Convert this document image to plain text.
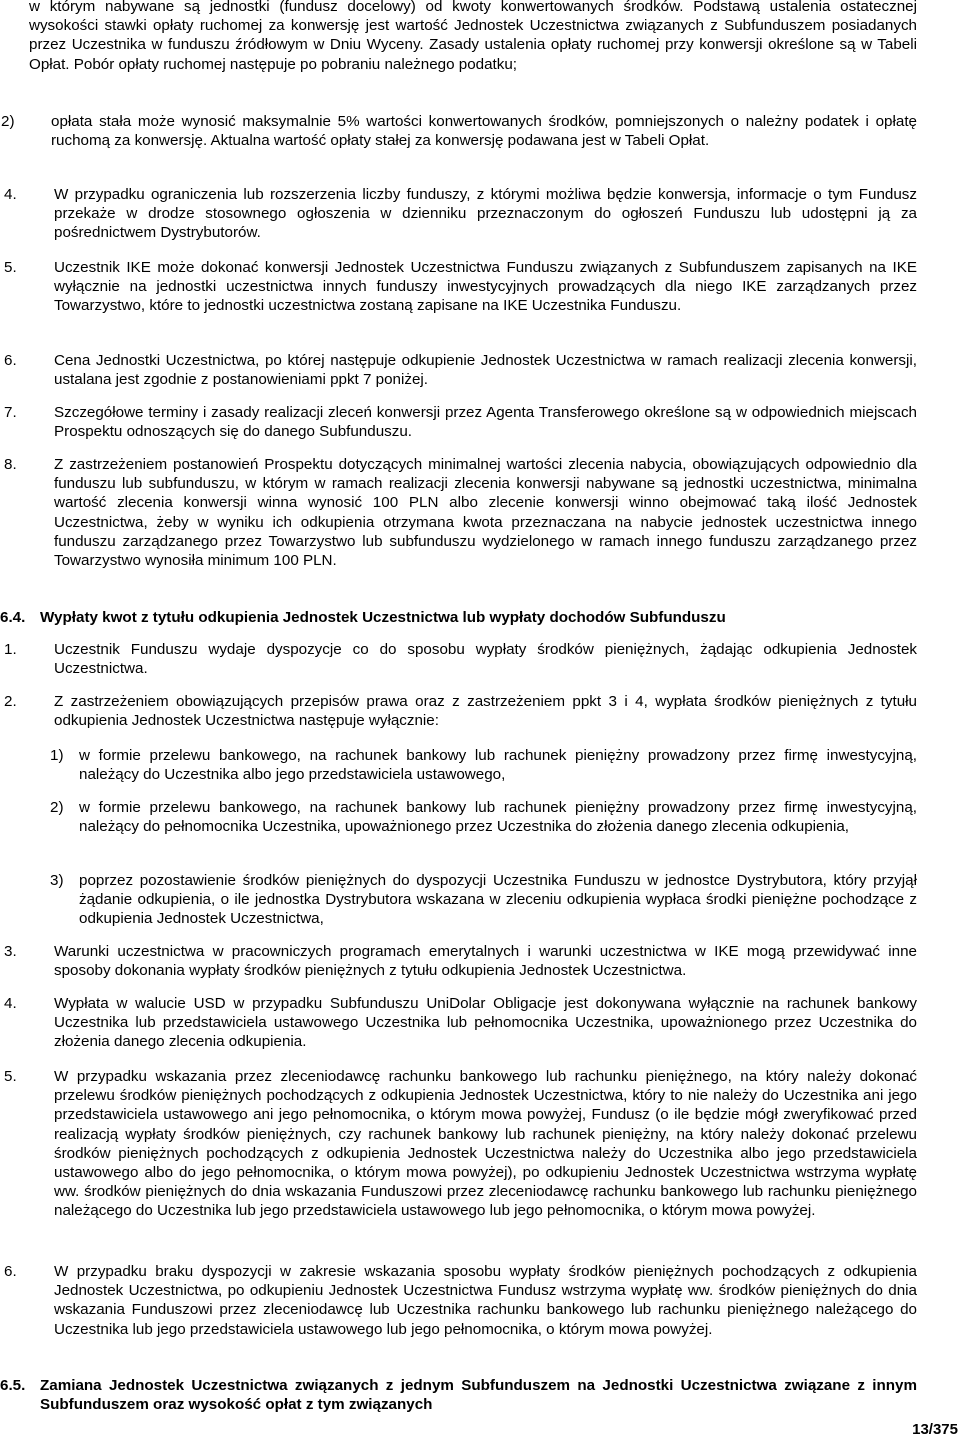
w którym nabywane są jednostki (fundusz docelowy) od kwoty konwertowanych środków. Podstawą ustalenia ostatecznej wysokości stawki opłaty ruchomej za konwersję jest wartość Jednostek Uczestnictwa związanych z Subfunduszem posiadanych przez Uczestnika w funduszu źródłowym w Dniu Wyceny. Zasady ustalenia opłaty ruchomej przy konwersji określone są w Tabeli Opłat. Pobór opłaty ruchomej następuje po pobraniu należnego podatku;

2) opłata stała może wynosić maksymalnie 5% wartości konwertowanych środków, pomniejszonych o należny podatek i opłatę ruchomą za konwersję. Aktualna wartość opłaty stałej za konwersję podawana jest w Tabeli Opłat.
4. W przypadku ograniczenia lub rozszerzenia liczby funduszy, z którymi możliwa będzie konwersja, informacje o tym Fundusz przekaże w drodze stosownego ogłoszenia w dzienniku przeznaczonym do ogłoszeń Funduszu lub udostępni ją za pośrednictwem Dystrybutorów.
5. Uczestnik IKE może dokonać konwersji Jednostek Uczestnictwa Funduszu związanych z Subfunduszem zapisanych na IKE wyłącznie na jednostki uczestnictwa innych funduszy inwestycyjnych prowadzących dla niego IKE zarządzanych przez Towarzystwo, które to jednostki uczestnictwa zostaną zapisane na IKE Uczestnika Funduszu.
6. Cena Jednostki Uczestnictwa, po której następuje odkupienie Jednostek Uczestnictwa w ramach realizacji zlecenia konwersji, ustalana jest zgodnie z postanowieniami ppkt 7 poniżej.
7. Szczegółowe terminy i zasady realizacji zleceń konwersji przez Agenta Transferowego określone są w odpowiednich miejscach Prospektu odnoszących się do danego Subfunduszu.
8. Z zastrzeżeniem postanowień Prospektu dotyczących minimalnej wartości zlecenia nabycia, obowiązujących odpowiednio dla funduszu lub subfunduszu, w którym w ramach realizacji zlecenia konwersji nabywane są jednostki uczestnictwa, minimalna wartość zlecenia konwersji winna wynosić 100 PLN albo zlecenie konwersji winno obejmować taką ilość Jednostek Uczestnictwa, żeby w wyniku ich odkupienia otrzymana kwota przeznaczana na nabycie jednostek uczestnictwa innego funduszu zarządzanego przez Towarzystwo lub subfunduszu wydzielonego w ramach innego funduszu zarządzanego przez Towarzystwo wynosiła minimum 100 PLN.
6.4. Wypłaty kwot z tytułu odkupienia Jednostek Uczestnictwa lub wypłaty dochodów Subfunduszu
1. Uczestnik Funduszu wydaje dyspozycje co do sposobu wypłaty środków pieniężnych, żądając odkupienia Jednostek Uczestnictwa.
2. Z zastrzeżeniem obowiązujących przepisów prawa oraz z zastrzeżeniem ppkt 3 i 4, wypłata środków pieniężnych z tytułu odkupienia Jednostek Uczestnictwa następuje wyłącznie:
1) w formie przelewu bankowego, na rachunek bankowy lub rachunek pieniężny prowadzony przez firmę inwestycyjną, należący do Uczestnika albo jego przedstawiciela ustawowego,
2) w formie przelewu bankowego, na rachunek bankowy lub rachunek pieniężny prowadzony przez firmę inwestycyjną, należący do pełnomocnika Uczestnika, upoważnionego przez Uczestnika do złożenia danego zlecenia odkupienia,
3) poprzez pozostawienie środków pieniężnych do dyspozycji Uczestnika Funduszu w jednostce Dystrybutora, który przyjął żądanie odkupienia, o ile jednostka Dystrybutora wskazana w zleceniu odkupienia wypłaca środki pieniężne pochodzące z odkupienia Jednostek Uczestnictwa,
3. Warunki uczestnictwa w pracowniczych programach emerytalnych i warunki uczestnictwa w IKE mogą przewidywać inne sposoby dokonania wypłaty środków pieniężnych z tytułu odkupienia Jednostek Uczestnictwa.
4. Wypłata w walucie USD w przypadku Subfunduszu UniDolar Obligacje jest dokonywana wyłącznie na rachunek bankowy Uczestnika lub przedstawiciela ustawowego Uczestnika lub pełnomocnika Uczestnika, upoważnionego przez Uczestnika do złożenia danego zlecenia odkupienia.
5. W przypadku wskazania przez zleceniodawcę rachunku bankowego lub rachunku pieniężnego, na który należy dokonać przelewu środków pieniężnych pochodzących z odkupienia Jednostek Uczestnictwa, który to nie należy do Uczestnika ani jego przedstawiciela ustawowego ani jego pełnomocnika, o którym mowa powyżej, Fundusz (o ile będzie mógł zweryfikować przed realizacją wypłaty środków pieniężnych, czy rachunek bankowy lub rachunek pieniężny, na który należy dokonać przelewu środków pieniężnych pochodzących z odkupienia Jednostek Uczestnictwa należy do Uczestnika albo jego przedstawiciela ustawowego albo do jego pełnomocnika, o którym mowa powyżej), po odkupieniu Jednostek Uczestnictwa wstrzyma wypłatę ww. środków pieniężnych do dnia wskazania Funduszowi przez zleceniodawcę rachunku bankowego lub rachunku pieniężnego należącego do Uczestnika lub jego przedstawiciela ustawowego lub jego pełnomocnika, o którym mowa powyżej.
6. W przypadku braku dyspozycji w zakresie wskazania sposobu wypłaty środków pieniężnych pochodzących z odkupienia Jednostek Uczestnictwa, po odkupieniu Jednostek Uczestnictwa Fundusz wstrzyma wypłatę ww. środków pieniężnych do dnia wskazania Funduszowi przez zleceniodawcę lub Uczestnika rachunku bankowego lub rachunku pieniężnego należącego do Uczestnika lub jego przedstawiciela ustawowego lub jego pełnomocnika, o którym mowa powyżej.
6.5. Zamiana Jednostek Uczestnictwa związanych z jednym Subfunduszem na Jednostki Uczestnictwa związane z innym Subfunduszem oraz wysokość opłat z tym związanych
13/375
